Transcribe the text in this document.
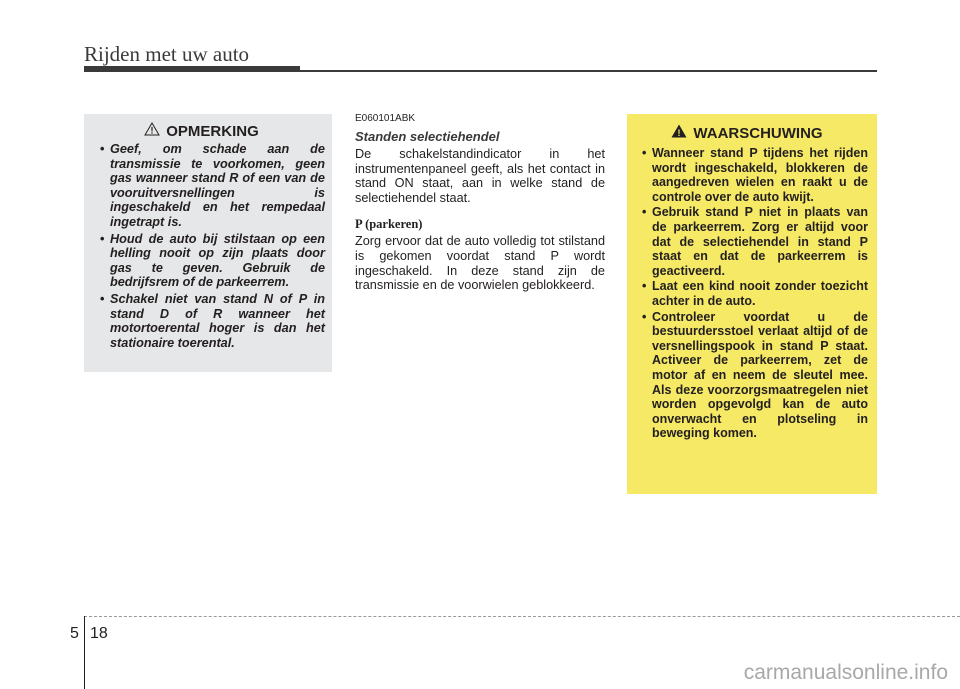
Rijden met uw auto
! OPMERKING
• Geef, om schade aan de transmissie te voorkomen, geen gas wanneer stand R of een van de vooruitversnellingen is ingeschakeld en het rempedaal ingetrapt is.
• Houd de auto bij stilstaan op een helling nooit op zijn plaats door gas te geven. Gebruik de bedrijfsrem of de parkeerrem.
• Schakel niet van stand N of P in stand D of R wanneer het motortoerental hoger is dan het stationaire toerental.
E060101ABK
Standen selectiehendel
De schakelstandindicator in het instrumentenpaneel geeft, als het contact in stand ON staat, aan in welke stand de selectiehendel staat.
P (parkeren)
Zorg ervoor dat de auto volledig tot stilstand is gekomen voordat stand P wordt ingeschakeld. In deze stand zijn de transmissie en de voorwielen geblokkeerd.
! WAARSCHUWING
• Wanneer stand P tijdens het rijden wordt ingeschakeld, blokkeren de aangedreven wielen en raakt u de controle over de auto kwijt.
• Gebruik stand P niet in plaats van de parkeerrem. Zorg er altijd voor dat de selectiehendel in stand P staat en dat de parkeerrem is geactiveerd.
• Laat een kind nooit zonder toezicht achter in de auto.
• Controleer voordat u de bestuurdersstoel verlaat altijd of de versnellingspook in stand P staat. Activeer de parkeerrem, zet de motor af en neem de sleutel mee. Als deze voorzorgsmaatregelen niet worden opgevolgd kan de auto onverwacht en plotseling in beweging komen.
5 18
carmanualsonline.info
